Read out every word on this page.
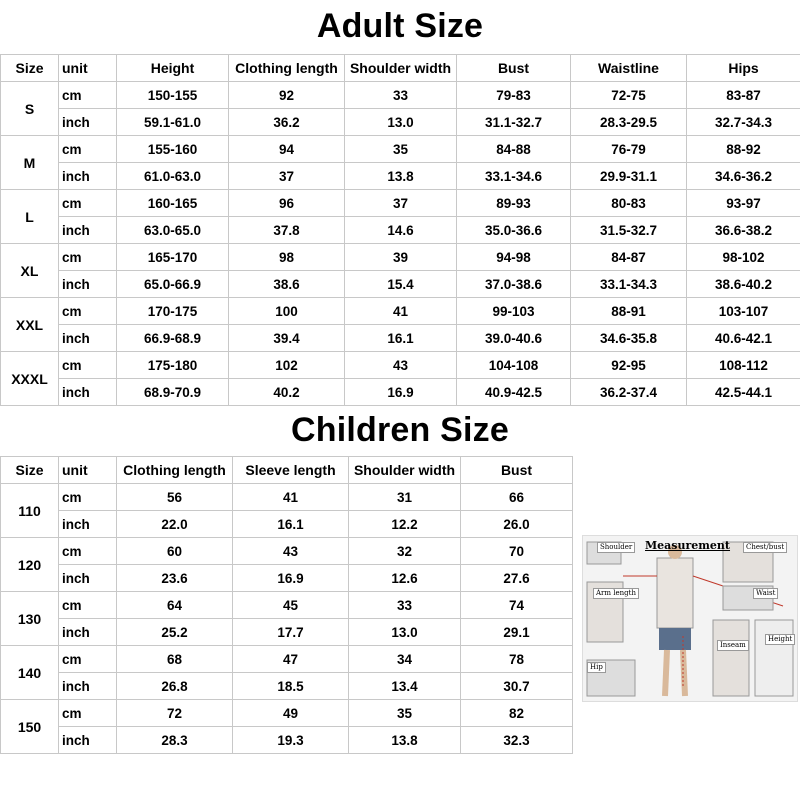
Adult Size
Size	unit	Height	Clothing length	Shoulder width	Bust	Waistline	Hips
S	cm	150-155	92	33	79-83	72-75	83-87
	inch	59.1-61.0	36.2	13.0	31.1-32.7	28.3-29.5	32.7-34.3
M	cm	155-160	94	35	84-88	76-79	88-92
	inch	61.0-63.0	37	13.8	33.1-34.6	29.9-31.1	34.6-36.2
L	cm	160-165	96	37	89-93	80-83	93-97
	inch	63.0-65.0	37.8	14.6	35.0-36.6	31.5-32.7	36.6-38.2
XL	cm	165-170	98	39	94-98	84-87	98-102
	inch	65.0-66.9	38.6	15.4	37.0-38.6	33.1-34.3	38.6-40.2
XXL	cm	170-175	100	41	99-103	88-91	103-107
	inch	66.9-68.9	39.4	16.1	39.0-40.6	34.6-35.8	40.6-42.1
XXXL	cm	175-180	102	43	104-108	92-95	108-112
	inch	68.9-70.9	40.2	16.9	40.9-42.5	36.2-37.4	42.5-44.1
Children Size
Size	unit	Clothing length	Sleeve length	Shoulder width	Bust
110	cm	56	41	31	66
	inch	22.0	16.1	12.2	26.0
120	cm	60	43	32	70
	inch	23.6	16.9	12.6	27.6
130	cm	64	45	33	74
	inch	25.2	17.7	13.0	29.1
140	cm	68	47	34	78
	inch	26.8	18.5	13.4	30.7
150	cm	72	49	35	82
	inch	28.3	19.3	13.8	32.3
Measurement
Shoulder	Chest/bust
Arm length	Waist
Inseam
Height
Hip
